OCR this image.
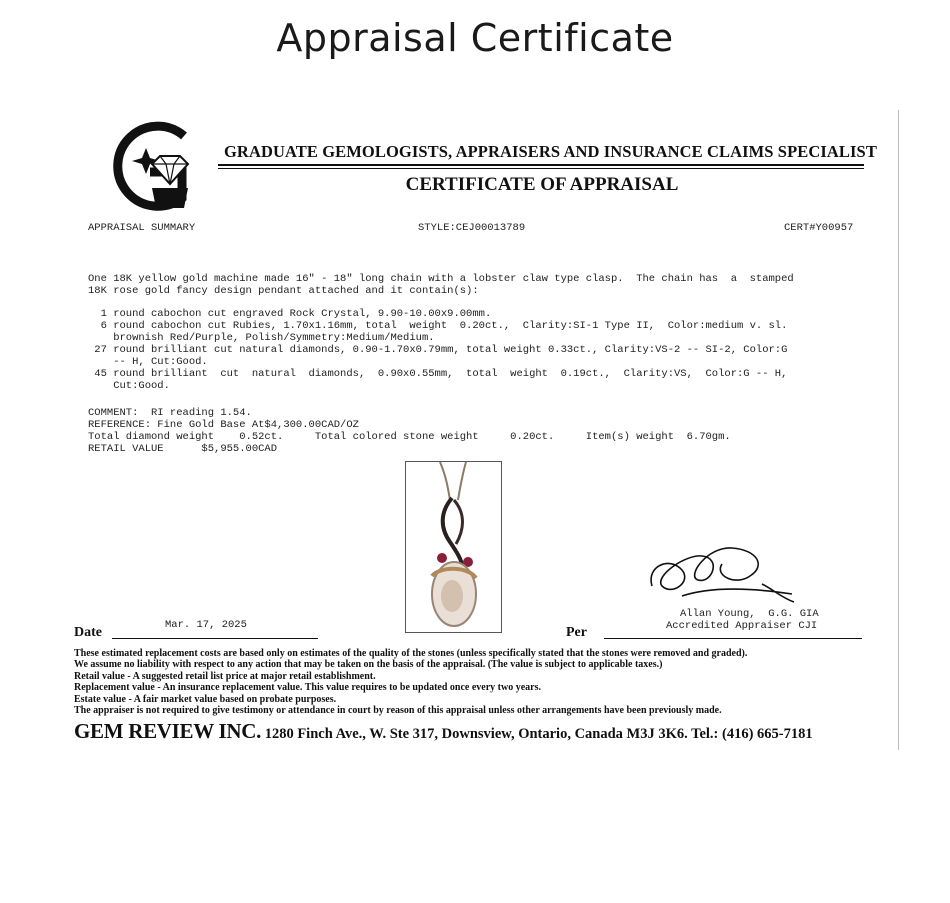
Appraisal Certificate
GRADUATE GEMOLOGISTS, APPRAISERS AND INSURANCE CLAIMS SPECIALIST
CERTIFICATE OF APPRAISAL
APPRAISAL SUMMARY	STYLE:CEJ00013789	CERT#Y00957
One 18K yellow gold machine made 16" - 18" long chain with a lobster claw type clasp.  The chain has  a  stamped
18K rose gold fancy design pendant attached and it contain(s):
1 round cabochon cut engraved Rock Crystal, 9.90-10.00x9.00mm.
6 round cabochon cut Rubies, 1.70x1.16mm, total  weight  0.20ct.,  Clarity:SI-1 Type II,  Color:medium v. sl.
brownish Red/Purple, Polish/Symmetry:Medium/Medium.
27 round brilliant cut natural diamonds, 0.90-1.70x0.79mm, total weight 0.33ct., Clarity:VS-2 -- SI-2, Color:G
-- H, Cut:Good.
45 round brilliant  cut  natural  diamonds,  0.90x0.55mm,  total  weight  0.19ct.,  Clarity:VS,  Color:G -- H,
Cut:Good.
COMMENT:  RI reading 1.54.
REFERENCE: Fine Gold Base At$4,300.00CAD/OZ
Total diamond weight    0.52ct.     Total colored stone weight     0.20ct.     Item(s) weight  6.70gm.
RETAIL VALUE      $5,955.00CAD
Mar. 17, 2025
Date
Allan Young,  G.G. GIA
Accredited Appraiser CJI
Per
These estimated replacement costs are based only on estimates of the quality of the stones (unless specifically stated that the stones were removed and graded).
We assume no liability with respect to any action that may be taken on the basis of the appraisal. (The value is subject to applicable taxes.)
Retail value - A suggested retail list price at major retail establishment.
Replacement value - An insurance replacement value. This value requires to be updated once every two years.
Estate value - A fair market value based on probate purposes.
The appraiser is not required to give testimony or attendance in court by reason of this appraisal unless other arrangements have been previously made.
GEM REVIEW INC. 1280 Finch Ave., W. Ste 317, Downsview, Ontario, Canada M3J 3K6. Tel.: (416) 665-7181
